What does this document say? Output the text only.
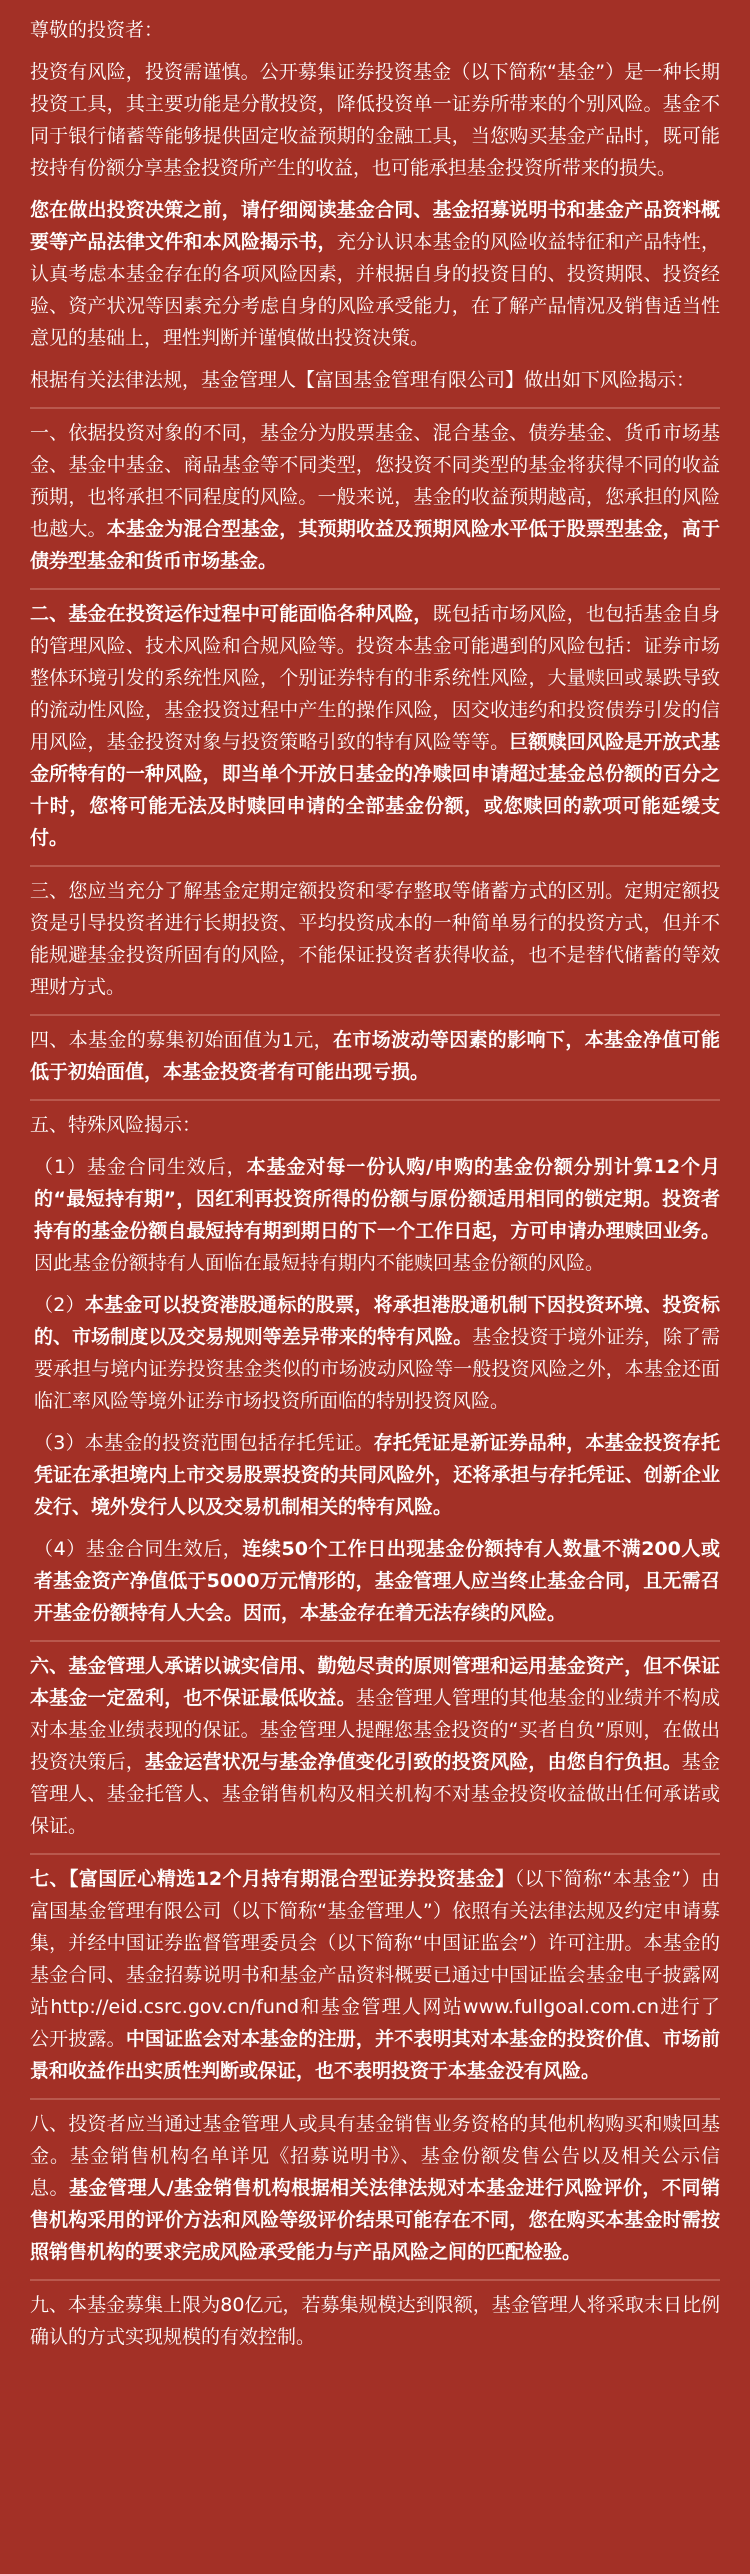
尊敬的投资者：

投资有风险，投资需谨慎。公开募集证券投资基金（以下简称“基金”）是一种长期投资工具，其主要功能是分散投资，降低投资单一证券所带来的个别风险。基金不同于银行储蓄等能够提供固定收益预期的金融工具，当您购买基金产品时，既可能按持有份额分享基金投资所产生的收益，也可能承担基金投资所带来的损失。

您在做出投资决策之前，请仔细阅读基金合同、基金招募说明书和基金产品资料概要等产品法律文件和本风险揭示书，充分认识本基金的风险收益特征和产品特性，认真考虑本基金存在的各项风险因素，并根据自身的投资目的、投资期限、投资经验、资产状况等因素充分考虑自身的风险承受能力，在了解产品情况及销售适当性意见的基础上，理性判断并谨慎做出投资决策。

根据有关法律法规，基金管理人【富国基金管理有限公司】做出如下风险揭示：

一、依据投资对象的不同，基金分为股票基金、混合基金、债券基金、货币市场基金、基金中基金、商品基金等不同类型，您投资不同类型的基金将获得不同的收益预期，也将承担不同程度的风险。一般来说，基金的收益预期越高，您承担的风险也越大。本基金为混合型基金，其预期收益及预期风险水平低于股票型基金，高于债券型基金和货币市场基金。

二、基金在投资运作过程中可能面临各种风险，既包括市场风险，也包括基金自身的管理风险、技术风险和合规风险等。投资本基金可能遇到的风险包括：证券市场整体环境引发的系统性风险，个别证券特有的非系统性风险，大量赎回或暴跌导致的流动性风险，基金投资过程中产生的操作风险，因交收违约和投资债券引发的信用风险，基金投资对象与投资策略引致的特有风险等等。巨额赎回风险是开放式基金所特有的一种风险，即当单个开放日基金的净赎回申请超过基金总份额的百分之十时，您将可能无法及时赎回申请的全部基金份额，或您赎回的款项可能延缓支付。

三、您应当充分了解基金定期定额投资和零存整取等储蓄方式的区别。定期定额投资是引导投资者进行长期投资、平均投资成本的一种简单易行的投资方式，但并不能规避基金投资所固有的风险，不能保证投资者获得收益，也不是替代储蓄的等效理财方式。

四、本基金的募集初始面值为1元，在市场波动等因素的影响下，本基金净值可能低于初始面值，本基金投资者有可能出现亏损。

五、特殊风险揭示：

（1）基金合同生效后，本基金对每一份认购/申购的基金份额分别计算12个月的“最短持有期”，因红利再投资所得的份额与原份额适用相同的锁定期。投资者持有的基金份额自最短持有期到期日的下一个工作日起，方可申请办理赎回业务。因此基金份额持有人面临在最短持有期内不能赎回基金份额的风险。

（2）本基金可以投资港股通标的股票，将承担港股通机制下因投资环境、投资标的、市场制度以及交易规则等差异带来的特有风险。基金投资于境外证券，除了需要承担与境内证券投资基金类似的市场波动风险等一般投资风险之外，本基金还面临汇率风险等境外证券市场投资所面临的特别投资风险。

（3）本基金的投资范围包括存托凭证。存托凭证是新证券品种，本基金投资存托凭证在承担境内上市交易股票投资的共同风险外，还将承担与存托凭证、创新企业发行、境外发行人以及交易机制相关的特有风险。

（4）基金合同生效后，连续50个工作日出现基金份额持有人数量不满200人或者基金资产净值低于5000万元情形的，基金管理人应当终止基金合同，且无需召开基金份额持有人大会。因而，本基金存在着无法存续的风险。

六、基金管理人承诺以诚实信用、勤勉尽责的原则管理和运用基金资产，但不保证本基金一定盈利，也不保证最低收益。基金管理人管理的其他基金的业绩并不构成对本基金业绩表现的保证。基金管理人提醒您基金投资的“买者自负”原则，在做出投资决策后，基金运营状况与基金净值变化引致的投资风险，由您自行负担。基金管理人、基金托管人、基金销售机构及相关机构不对基金投资收益做出任何承诺或保证。

七、【富国匠心精选12个月持有期混合型证券投资基金】（以下简称“本基金”）由富国基金管理有限公司（以下简称“基金管理人”）依照有关法律法规及约定申请募集，并经中国证券监督管理委员会（以下简称“中国证监会”）许可注册。本基金的基金合同、基金招募说明书和基金产品资料概要已通过中国证监会基金电子披露网站http://eid.csrc.gov.cn/fund和基金管理人网站www.fullgoal.com.cn进行了公开披露。中国证监会对本基金的注册，并不表明其对本基金的投资价值、市场前景和收益作出实质性判断或保证，也不表明投资于本基金没有风险。

八、投资者应当通过基金管理人或具有基金销售业务资格的其他机构购买和赎回基金。基金销售机构名单详见《招募说明书》、基金份额发售公告以及相关公示信息。基金管理人/基金销售机构根据相关法律法规对本基金进行风险评价，不同销售机构采用的评价方法和风险等级评价结果可能存在不同，您在购买本基金时需按照销售机构的要求完成风险承受能力与产品风险之间的匹配检验。

九、本基金募集上限为80亿元，若募集规模达到限额，基金管理人将采取末日比例确认的方式实现规模的有效控制。
